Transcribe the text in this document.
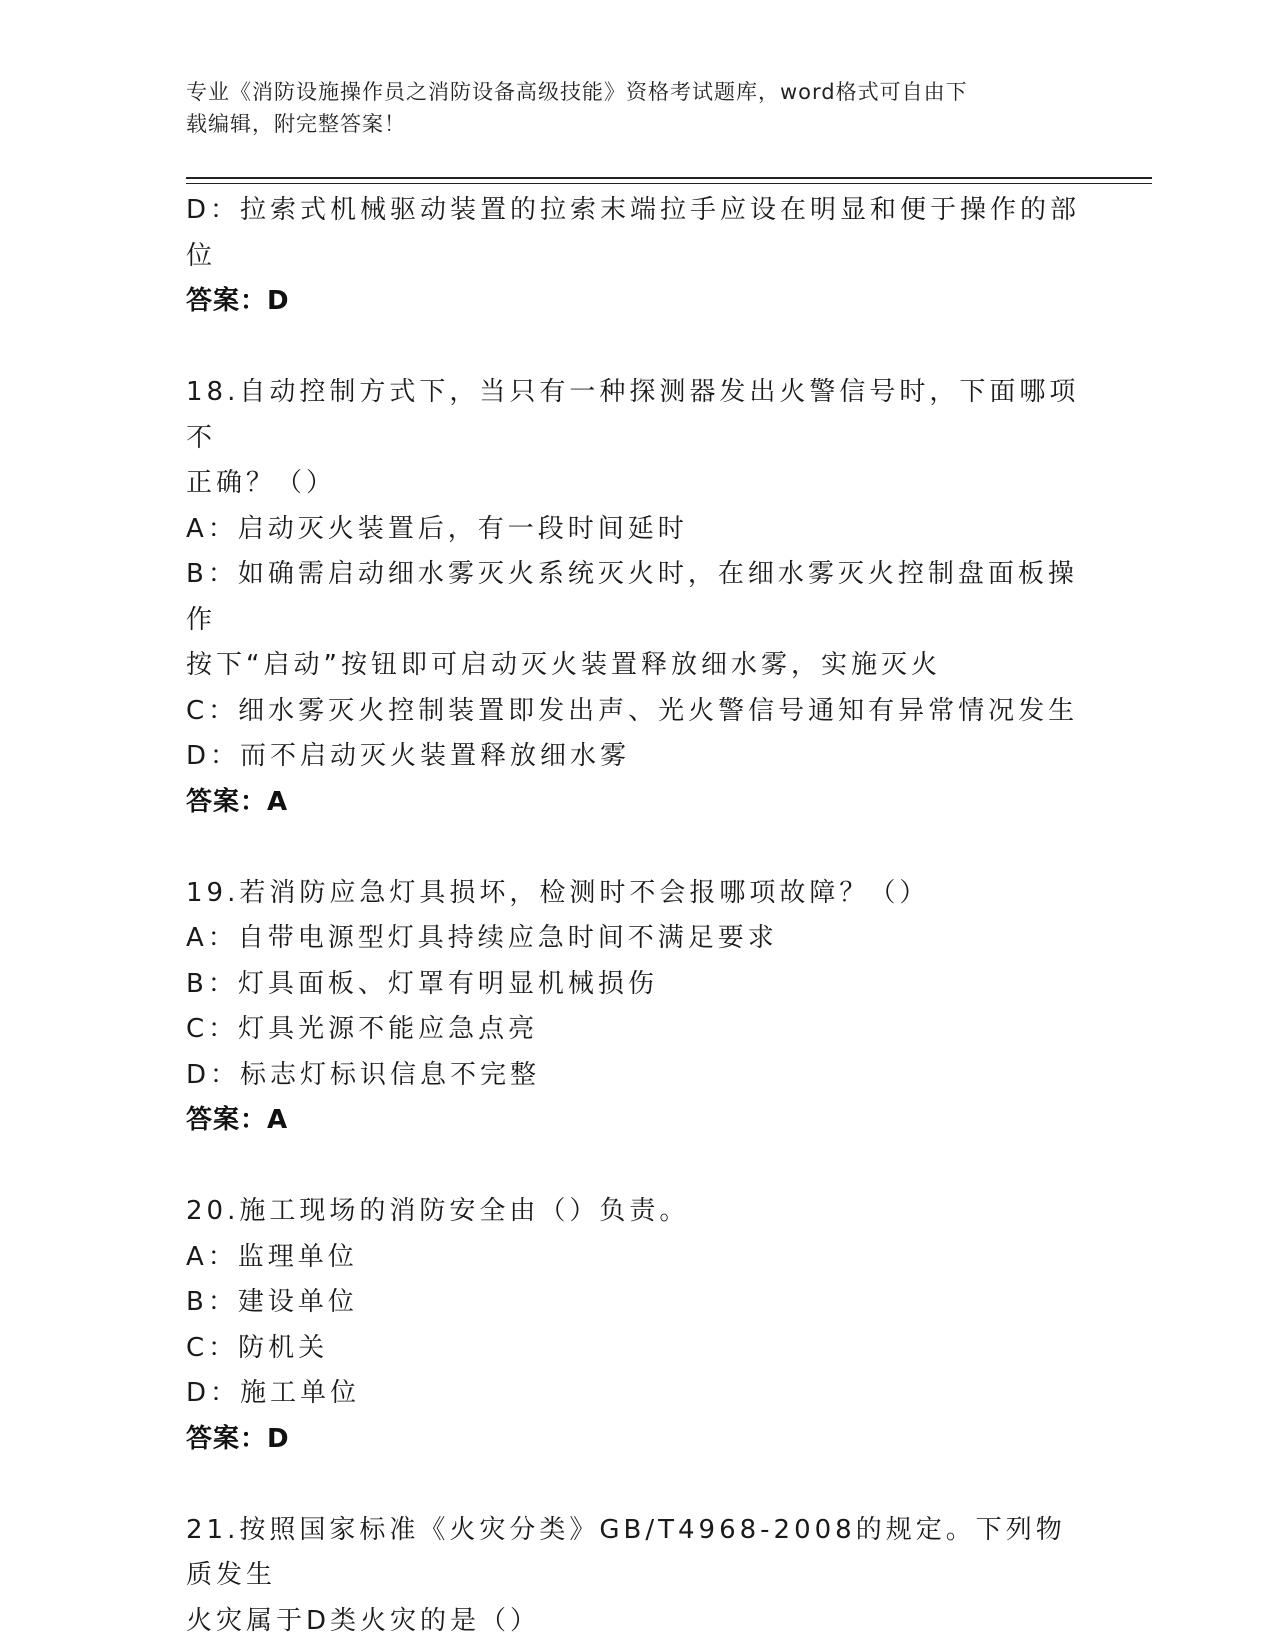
专业《消防设施操作员之消防设备高级技能》资格考试题库，word格式可自由下
载编辑，附完整答案！
D：拉索式机械驱动装置的拉索末端拉手应设在明显和便于操作的部位
答案：D
18.自动控制方式下，当只有一种探测器发出火警信号时，下面哪项不
正确？（）
A：启动灭火装置后，有一段时间延时
B：如确需启动细水雾灭火系统灭火时，在细水雾灭火控制盘面板操作
按下“启动”按钮即可启动灭火装置释放细水雾，实施灭火
C：细水雾灭火控制装置即发出声、光火警信号通知有异常情况发生
D：而不启动灭火装置释放细水雾
答案：A
19.若消防应急灯具损坏，检测时不会报哪项故障？（）
A：自带电源型灯具持续应急时间不满足要求
B：灯具面板、灯罩有明显机械损伤
C：灯具光源不能应急点亮
D：标志灯标识信息不完整
答案：A
20.施工现场的消防安全由（）负责。
A：监理单位
B：建设单位
C：防机关
D：施工单位
答案：D
21.按照国家标准《火灾分类》GB/T4968-2008的规定。下列物质发生
火灾属于D类火灾的是（）
